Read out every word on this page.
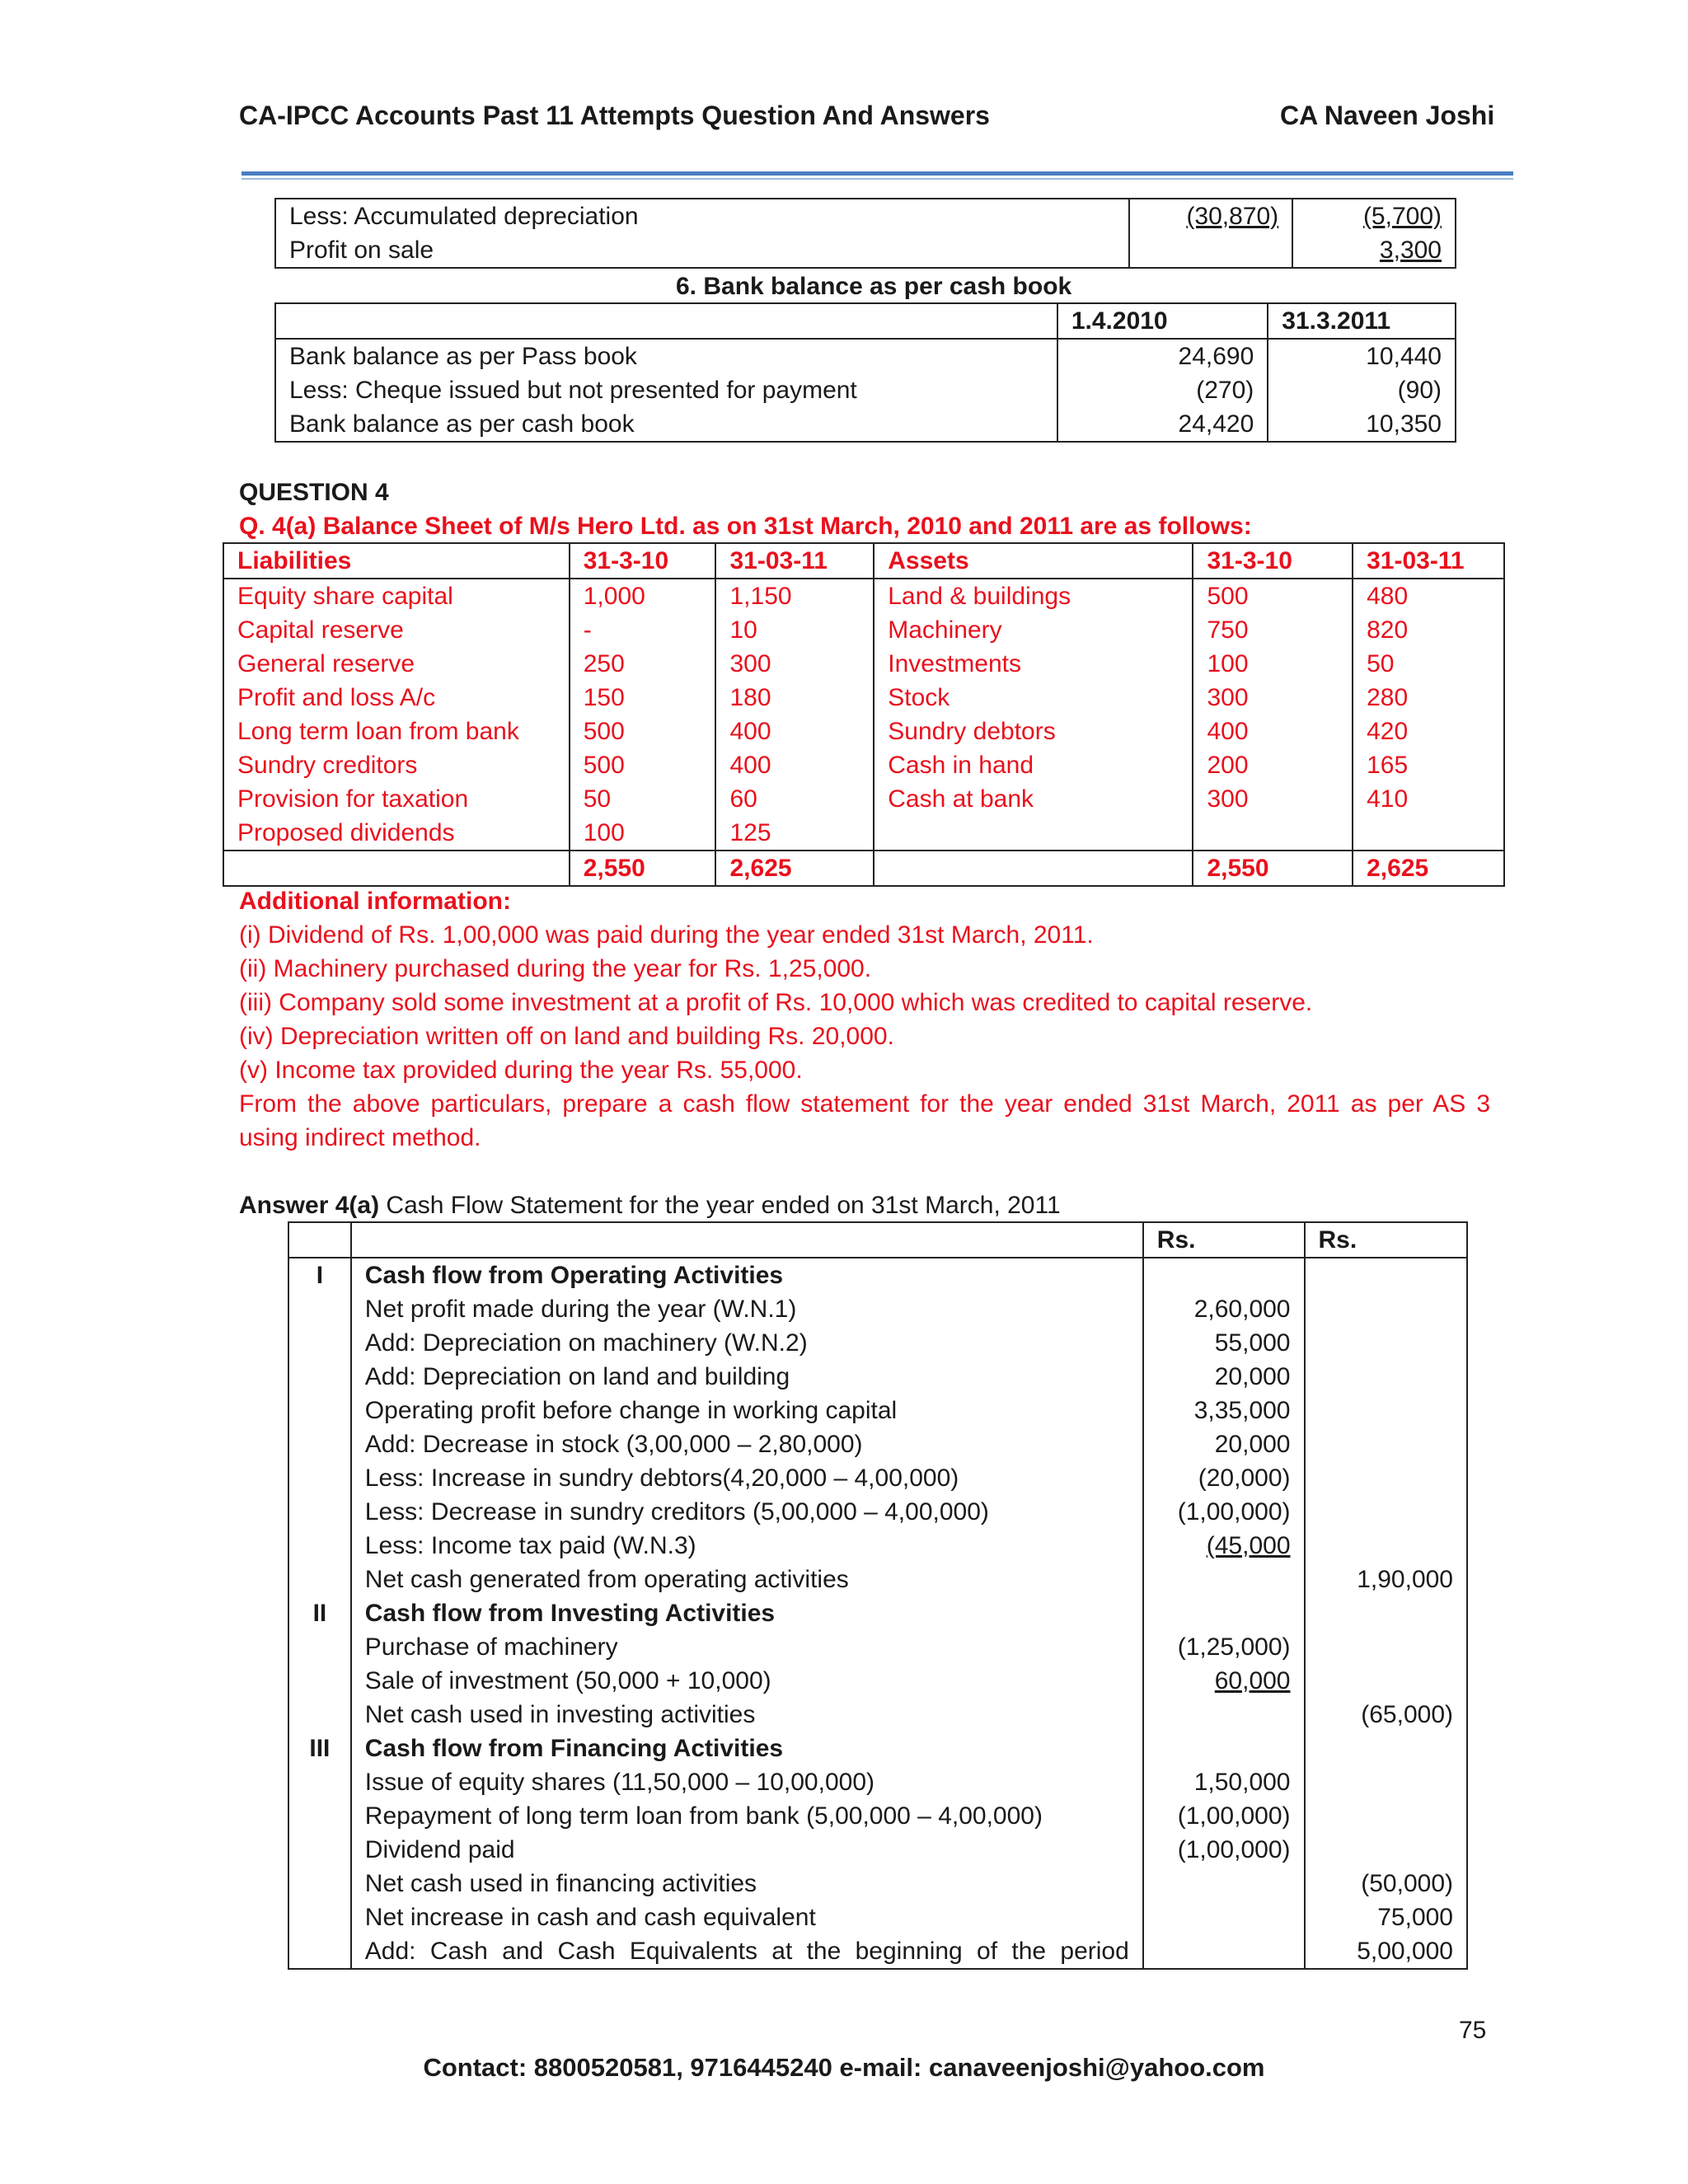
CA-IPCC Accounts Past 11 Attempts Question And Answers	CA Naveen Joshi
Less: Accumulated depreciation	(30,870)	(5,700)
Profit on sale		3,300
6. Bank balance as per cash book
	1.4.2010	31.3.2011
Bank balance as per Pass book	24,690	10,440
Less: Cheque issued but not presented for payment	(270)	(90)
Bank balance as per cash book	24,420	10,350
QUESTION 4
Q. 4(a) Balance Sheet of M/s Hero Ltd. as on 31st March, 2010 and 2011 are as follows:
Liabilities	31-3-10	31-03-11	Assets	31-3-10	31-03-11
Equity share capital	1,000	1,150	Land & buildings	500	480
Capital reserve	-	10	Machinery	750	820
General reserve	250	300	Investments	100	50
Profit and loss A/c	150	180	Stock	300	280
Long term loan from bank	500	400	Sundry debtors	400	420
Sundry creditors	500	400	Cash in hand	200	165
Provision for taxation	50	60	Cash at bank	300	410
Proposed dividends	100	125			
	2,550	2,625		2,550	2,625
Additional information:
(i) Dividend of Rs. 1,00,000 was paid during the year ended 31st March, 2011.
(ii) Machinery purchased during the year for Rs. 1,25,000.
(iii) Company sold some investment at a profit of Rs. 10,000 which was credited to capital reserve.
(iv) Depreciation written off on land and building Rs. 20,000.
(v) Income tax provided during the year Rs. 55,000.
From the above particulars, prepare a cash flow statement for the year ended 31st March, 2011 as per AS 3
using indirect method.
Answer 4(a) Cash Flow Statement for the year ended on 31st March, 2011
		Rs.	Rs.
I	Cash flow from Operating Activities		
	Net profit made during the year (W.N.1)	2,60,000	
	Add: Depreciation on machinery (W.N.2)	55,000	
	Add: Depreciation on land and building	20,000	
	Operating profit before change in working capital	3,35,000	
	Add: Decrease in stock (3,00,000 – 2,80,000)	20,000	
	Less: Increase in sundry debtors(4,20,000 – 4,00,000)	(20,000)	
	Less: Decrease in sundry creditors (5,00,000 – 4,00,000)	(1,00,000)	
	Less: Income tax paid (W.N.3)	(45,000	
	Net cash generated from operating activities		1,90,000
II	Cash flow from Investing Activities		
	Purchase of machinery	(1,25,000)	
	Sale of investment (50,000 + 10,000)	60,000	
	Net cash used in investing activities		(65,000)
III	Cash flow from Financing Activities		
	Issue of equity shares (11,50,000 – 10,00,000)	1,50,000	
	Repayment of long term loan from bank (5,00,000 – 4,00,000)	(1,00,000)	
	Dividend paid	(1,00,000)	
	Net cash used in financing activities		(50,000)
	Net increase in cash and cash equivalent		75,000
	Add: Cash and Cash Equivalents at the beginning of the period		5,00,000
75
Contact: 8800520581, 9716445240 e-mail: canaveenjoshi@yahoo.com
